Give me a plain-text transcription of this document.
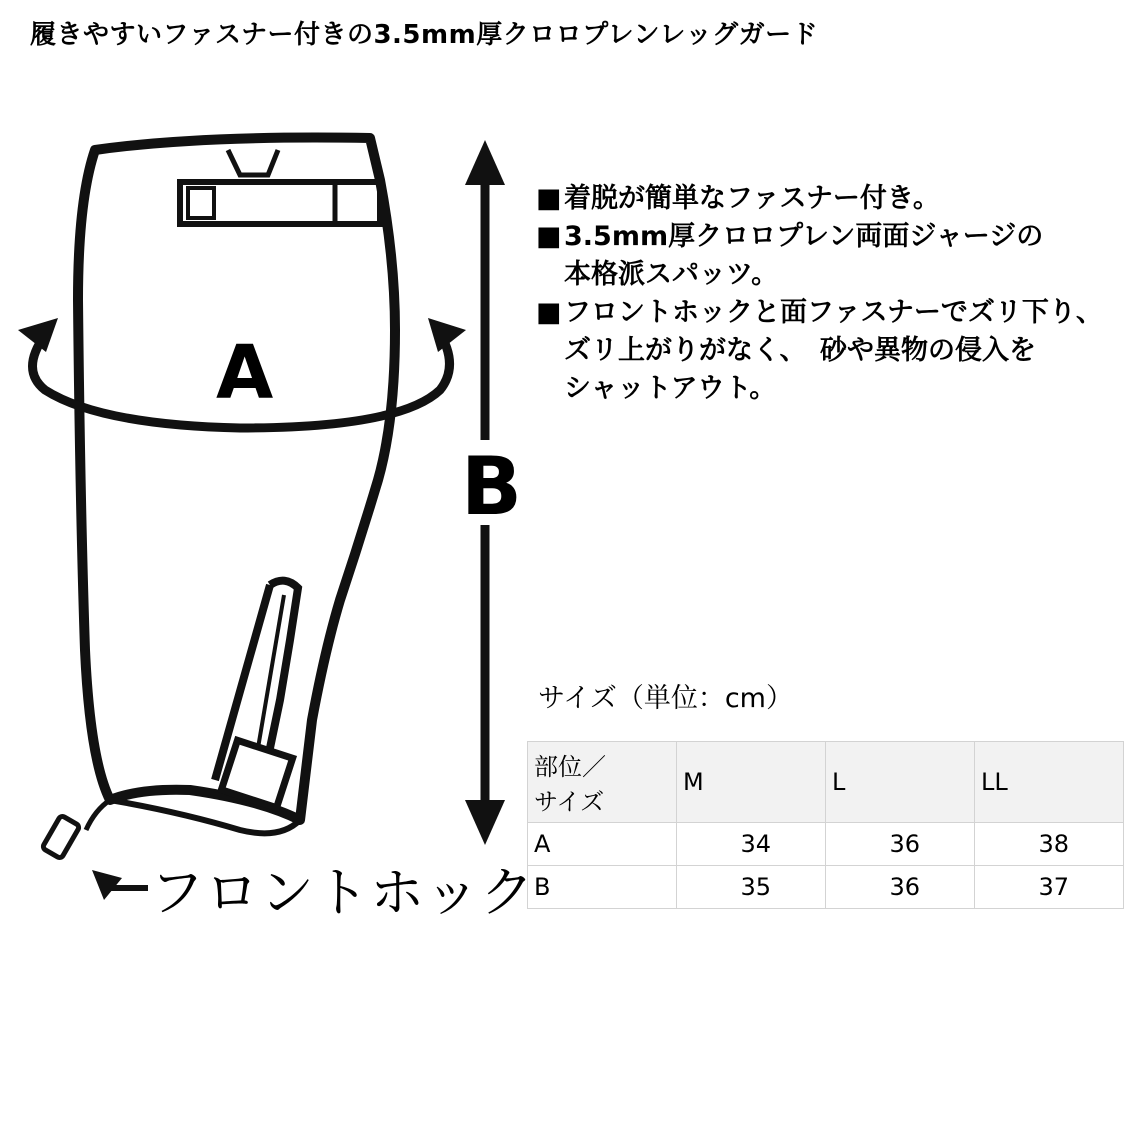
履きやすいファスナー付きの3.5mm厚クロロプレンレッグガード
A
B
フロントホック
■ 着脱が簡単なファスナー付き。
■ 3.5mm厚クロロプレン両面ジャージの
本格派スパッツ。
■ フロントホックと面ファスナーでズリ下り、
ズリ上がりがなく、　砂や異物の侵入を
シャットアウト。
サイズ（単位：cm）
部位／
サイズ	M	L	LL
A	34	36	38
B	35	36	37
